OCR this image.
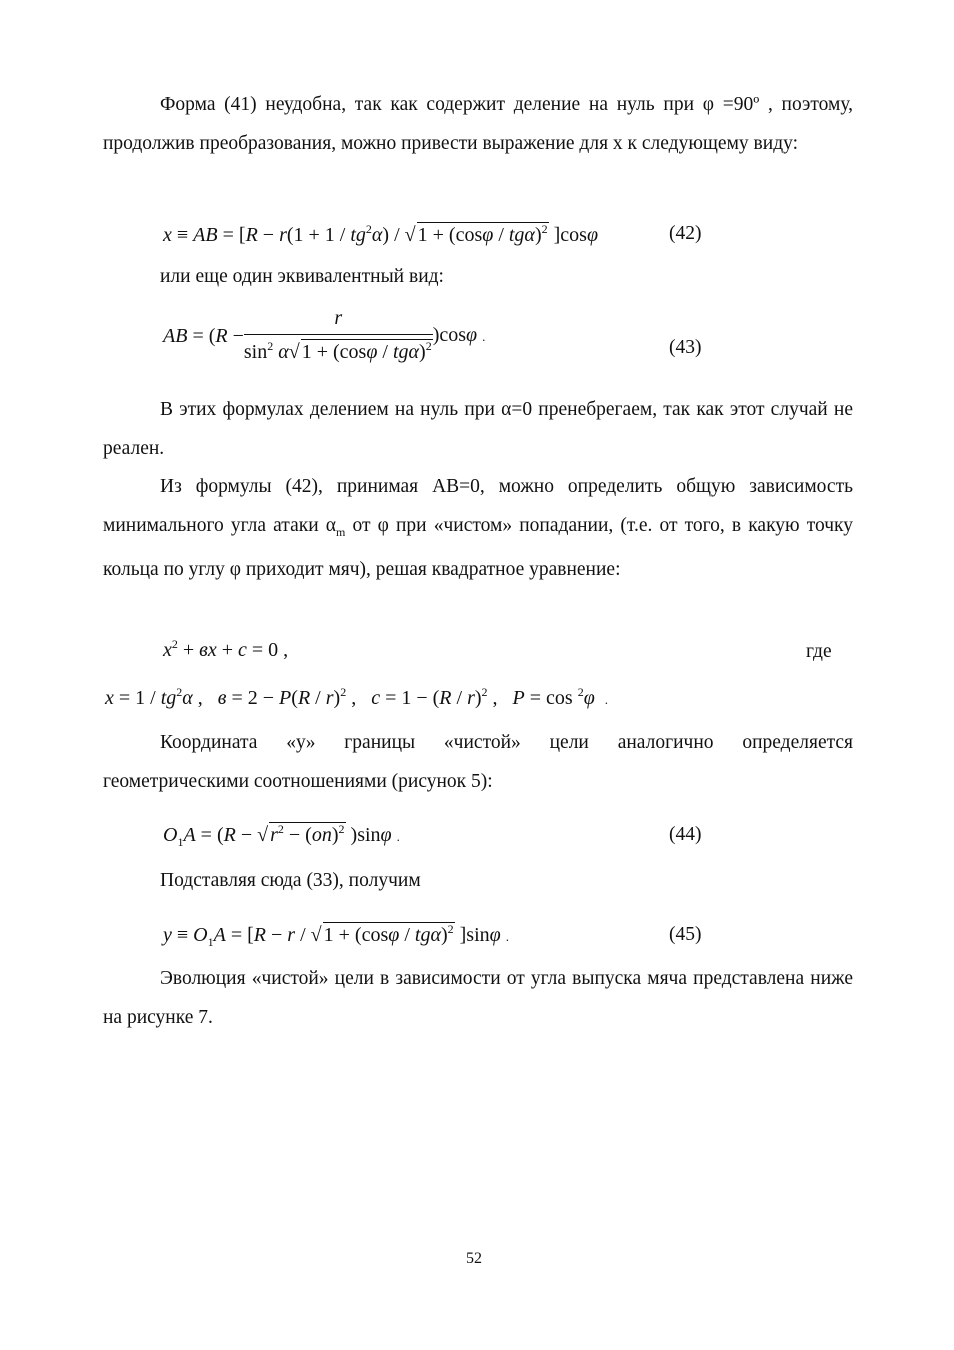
Форма (41) неудобна, так как содержит деление на нуль при φ =90º , поэтому, продолжив преобразования, можно привести выражение для x к следующему виду:

x ≡ AB = [$R - r(1 + 1 / tg^2\alpha)$ / √ 1 + (cosφ / tgα)$^2$ ]cosφ	(42)

или еще один эквивалентный вид:

AB = $(R - \frac{r}{\sin^2 \alpha√ 1 + (\cos\varphi / tg\alpha)^2} )\cos\varphi$ .
(43)

В этих формулах делением на нуль при α=0 пренебрегаем, так как этот случай не реален.

Из формулы (42), принимая АВ=0, можно определить общую зависимость минимального угла атаки $\alpha_m$ от φ при «чистом» попадании, (т.е. от того, в какую точку кольца по углу φ приходит мяч), решая квадратное уравнение:

$x^2$ + вx + c = 0 ,	где
$x = 1 / tg^2\alpha$ ,   в = 2 − P(R / r)$^2$ ,   c = 1 − (R / r)$^2$ ,   P = cos $^2$φ .

Координата «y» границы «чистой» цели аналогично определяется геометрическими соотношениями (рисунок 5):

$O_1A = (R$ − √ $r^2 - (on)^2$ )sinφ .	(44)

Подставляя сюда (33), получим

$y \equiv O_1A = [R - r$ / √ 1 + (cosφ / tgα)$^2$ ]sinφ .	(45)

Эволюция «чистой» цели в зависимости от угла выпуска мяча представлена ниже на рисунке 7.

52
